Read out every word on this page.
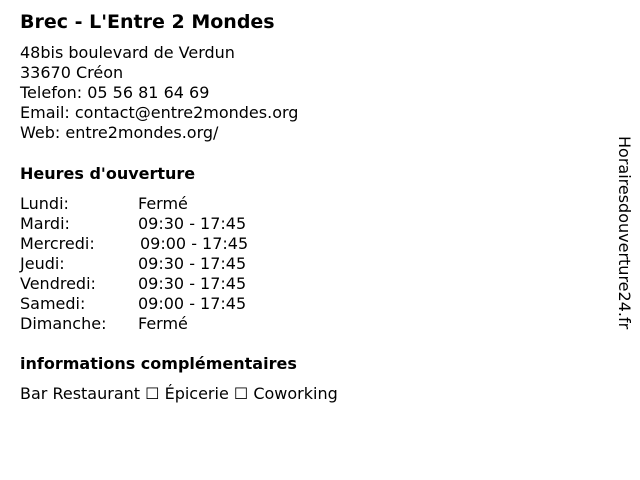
Brec - L'Entre 2 Mondes
48bis boulevard de Verdun
33670 Créon
Telefon: 05 56 81 64 69
Email: contact@entre2mondes.org
Web: entre2mondes.org/
Heures d'ouverture
Lundi:	Fermé
Mardi:	09:30 - 17:45
Mercredi:	09:00 - 17:45
Jeudi:	09:30 - 17:45
Vendredi:	09:30 - 17:45
Samedi:	09:00 - 17:45
Dimanche: Fermé
informations complémentaires
Bar Restaurant ☐ Épicerie ☐ Coworking
Horairesdouverture24.fr
